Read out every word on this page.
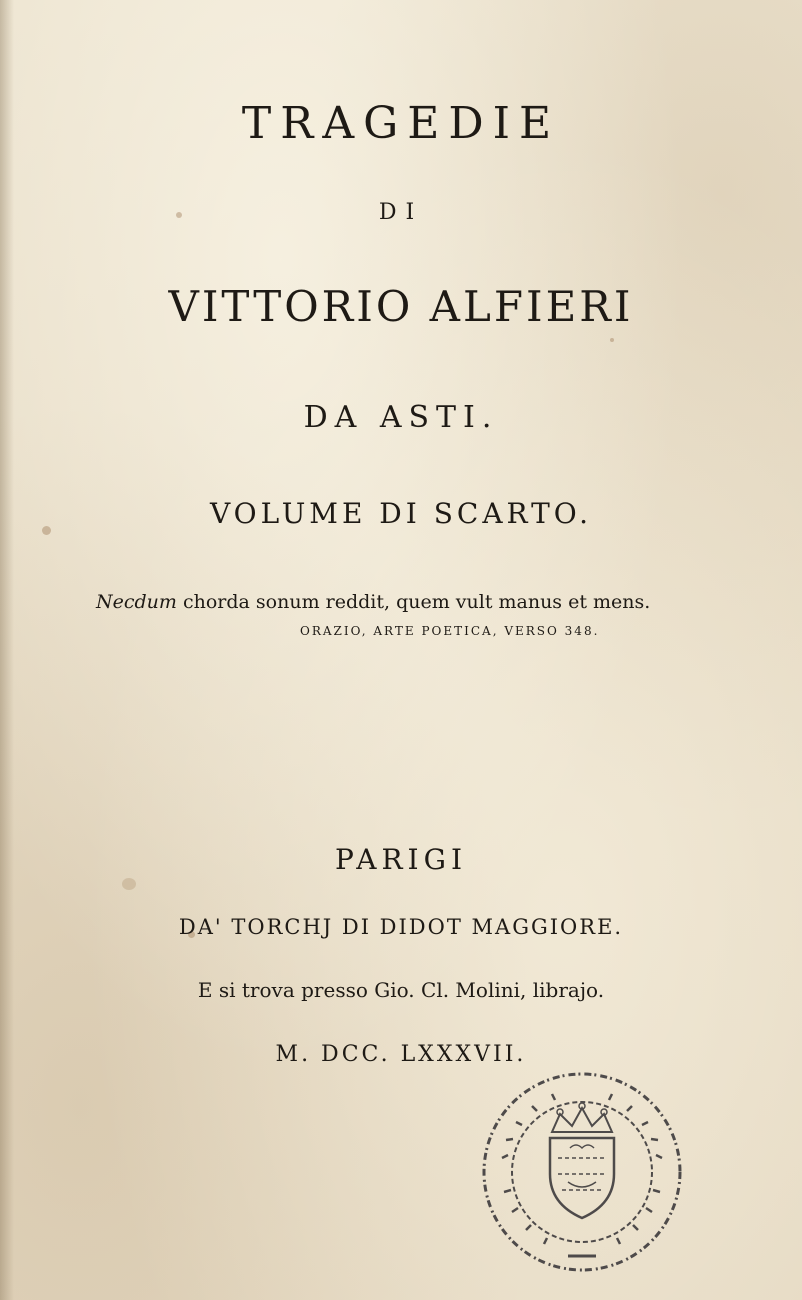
TRAGEDIE
DI
VITTORIO ALFIERI
DA ASTI.
VOLUME DI SCARTO.
Necdum chorda sonum reddit, quem vult manus et mens.
ORAZIO, ARTE POETICA, VERSO 348.
PARIGI
DA' TORCHJ DI DIDOT MAGGIORE.
E si trova presso Gio. Cl. Molini, librajo.
M. DCC. LXXXVII.
